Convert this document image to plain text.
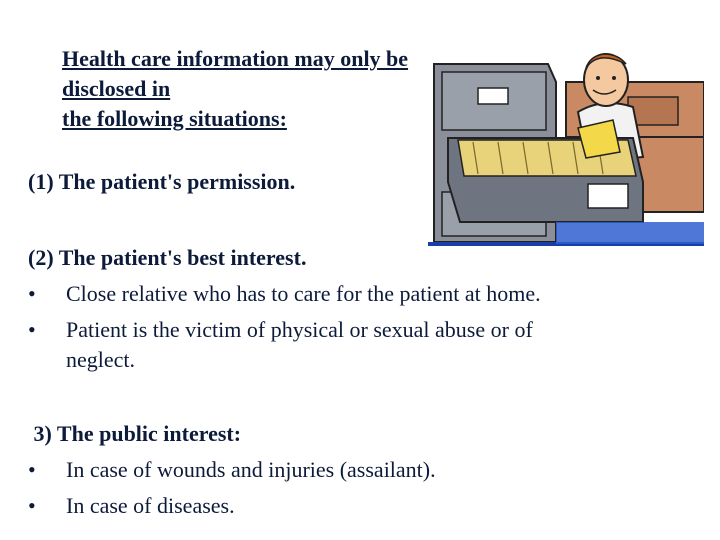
Health care information may only be disclosed in
the following situations:
(1) The patient's permission.
(2) The patient's best interest.
•	Close relative who has to care for the patient at home.
•	Patient is the victim of physical or sexual abuse or of
neglect.
3) The public interest:
•	In case of wounds and injuries (assailant).
•	In case of diseases.
